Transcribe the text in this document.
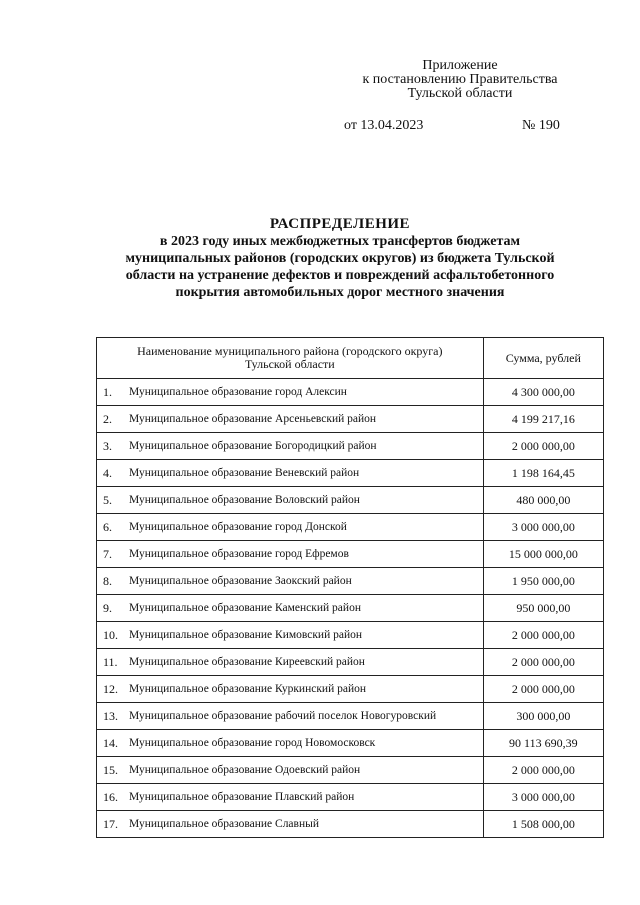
Приложение
к постановлению Правительства
Тульской области
от 13.04.2023	№ 190
РАСПРЕДЕЛЕНИЕ
в 2023 году иных межбюджетных трансфертов бюджетам
муниципальных районов (городских округов) из бюджета Тульской
области на устранение дефектов и повреждений асфальтобетонного
покрытия автомобильных дорог местного значения
Наименование муниципального района (городского округа)
Тульской области	Сумма, рублей

1. Муниципальное образование город Алексин	4 300 000,00

2. Муниципальное образование Арсеньевский район	4 199 217,16

3. Муниципальное образование Богородицкий район	2 000 000,00

4. Муниципальное образование Веневский район	1 198 164,45

5. Муниципальное образование Воловский район	480 000,00

6. Муниципальное образование город Донской	3 000 000,00

7. Муниципальное образование город Ефремов	15 000 000,00

8. Муниципальное образование Заокский район	1 950 000,00

9. Муниципальное образование Каменский район	950 000,00

10. Муниципальное образование Кимовский район	2 000 000,00

11. Муниципальное образование Киреевский район	2 000 000,00

12. Муниципальное образование Куркинский район	2 000 000,00

13. Муниципальное образование рабочий поселок Новогуровский	300 000,00

14. Муниципальное образование город Новомосковск	90 113 690,39

15. Муниципальное образование Одоевский район	2 000 000,00

16. Муниципальное образование Плавский район	3 000 000,00

17. Муниципальное образование Славный	1 508 000,00
